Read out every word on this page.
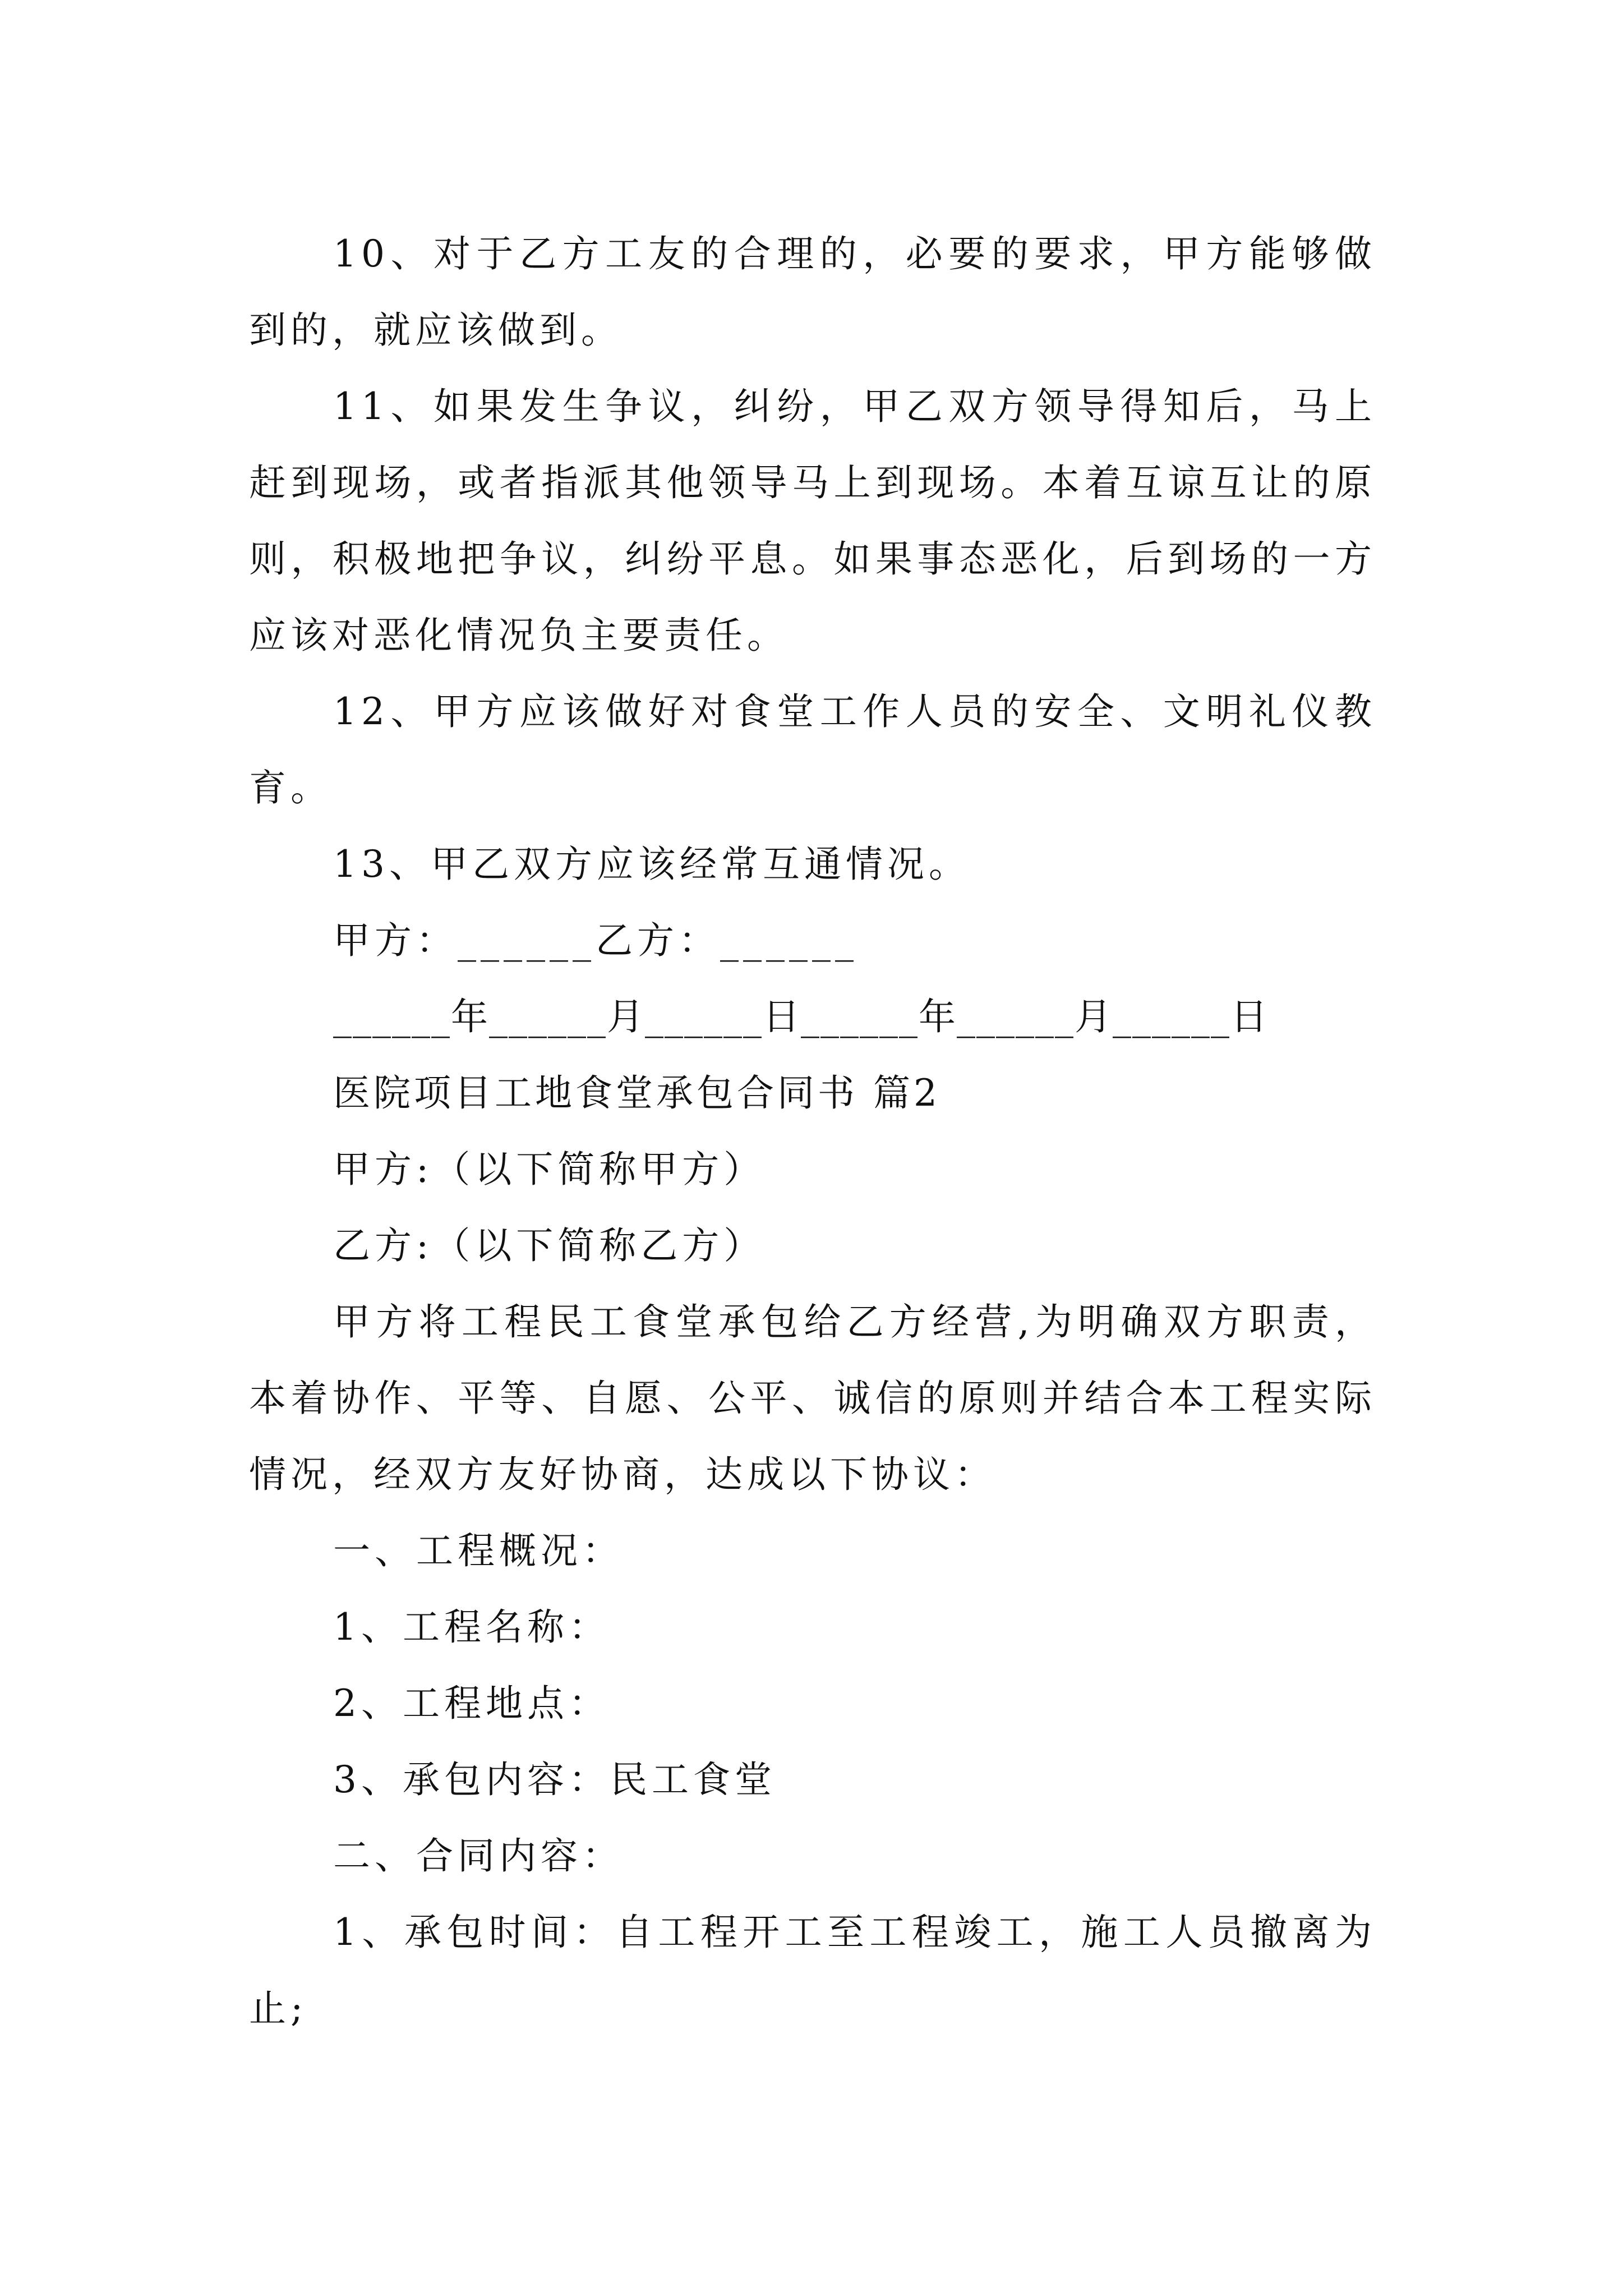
10、对于乙方工友的合理的，必要的要求，甲方能够做到的，就应该做到。

11、如果发生争议，纠纷，甲乙双方领导得知后，马上赶到现场，或者指派其他领导马上到现场。本着互谅互让的原则，积极地把争议，纠纷平息。如果事态恶化，后到场的一方应该对恶化情况负主要责任。

12、甲方应该做好对食堂工作人员的安全、文明礼仪教育。

13、甲乙双方应该经常互通情况。

甲方：______乙方：______

______年______月______日______年______月______日

医院项目工地食堂承包合同书 篇2

甲方:（以下简称甲方）

乙方:（以下简称乙方）

甲方将工程民工食堂承包给乙方经营,为明确双方职责，本着协作、平等、自愿、公平、诚信的原则并结合本工程实际情况，经双方友好协商，达成以下协议：

一、工程概况：

1、工程名称：

2、工程地点：

3、承包内容：民工食堂

二、合同内容：

1、承包时间：自工程开工至工程竣工，施工人员撤离为止;
